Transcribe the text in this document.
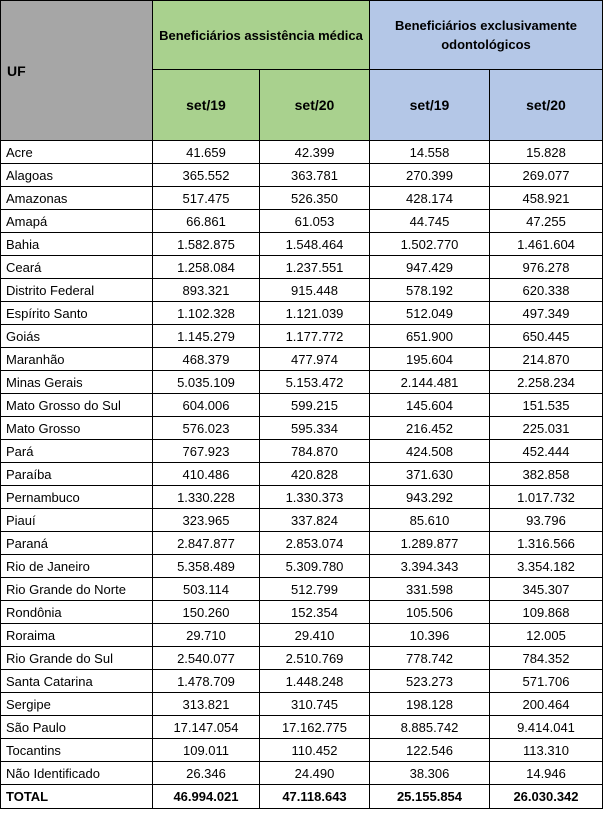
UF	Beneficiários assistência médica		Beneficiários exclusivamente odontológicos	
	set/19	set/20	set/19	set/20
Acre	41.659	42.399	14.558	15.828
Alagoas	365.552	363.781	270.399	269.077
Amazonas	517.475	526.350	428.174	458.921
Amapá	66.861	61.053	44.745	47.255
Bahia	1.582.875	1.548.464	1.502.770	1.461.604
Ceará	1.258.084	1.237.551	947.429	976.278
Distrito Federal	893.321	915.448	578.192	620.338
Espírito Santo	1.102.328	1.121.039	512.049	497.349
Goiás	1.145.279	1.177.772	651.900	650.445
Maranhão	468.379	477.974	195.604	214.870
Minas Gerais	5.035.109	5.153.472	2.144.481	2.258.234
Mato Grosso do Sul	604.006	599.215	145.604	151.535
Mato Grosso	576.023	595.334	216.452	225.031
Pará	767.923	784.870	424.508	452.444
Paraíba	410.486	420.828	371.630	382.858
Pernambuco	1.330.228	1.330.373	943.292	1.017.732
Piauí	323.965	337.824	85.610	93.796
Paraná	2.847.877	2.853.074	1.289.877	1.316.566
Rio de Janeiro	5.358.489	5.309.780	3.394.343	3.354.182
Rio Grande do Norte	503.114	512.799	331.598	345.307
Rondônia	150.260	152.354	105.506	109.868
Roraima	29.710	29.410	10.396	12.005
Rio Grande do Sul	2.540.077	2.510.769	778.742	784.352
Santa Catarina	1.478.709	1.448.248	523.273	571.706
Sergipe	313.821	310.745	198.128	200.464
São Paulo	17.147.054	17.162.775	8.885.742	9.414.041
Tocantins	109.011	110.452	122.546	113.310
Não Identificado	26.346	24.490	38.306	14.946
TOTAL	46.994.021	47.118.643	25.155.854	26.030.342
